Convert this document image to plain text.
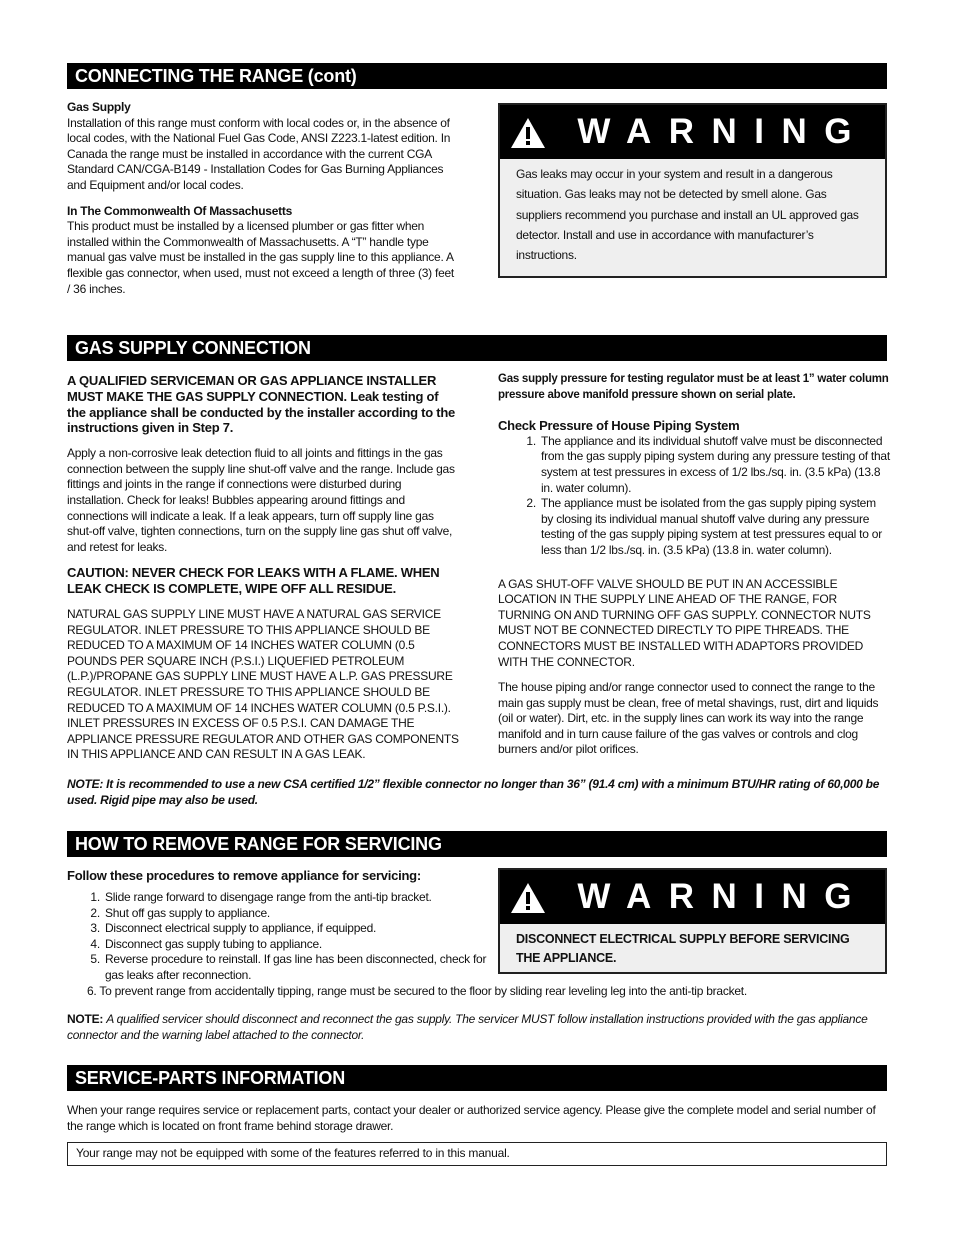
CONNECTING THE RANGE (cont)
Gas Supply
Installation of this range must conform with local codes or, in the absence of local codes, with the National Fuel Gas Code, ANSI Z223.1-latest edition. In Canada the range must be installed in accordance with the current CGA Standard CAN/CGA-B149 - Installation Codes for Gas Burning Appliances and Equipment and/or local codes.
In The Commonwealth Of Massachusetts
This product must be installed by a licensed plumber or gas fitter when installed within the Commonwealth of Massachusetts. A “T” handle type manual gas valve must be installed in the gas supply line to this appliance. A flexible gas connector, when used, must not exceed a length of three (3) feet / 36 inches.
WARNING
Gas leaks may occur in your system and result in a dangerous situation. Gas leaks may not be detected by smell alone. Gas suppliers recommend you purchase and install an UL approved gas detector. Install and use in accordance with manufacturer’s instructions.
GAS SUPPLY CONNECTION
A QUALIFIED SERVICEMAN OR GAS APPLIANCE INSTALLER MUST MAKE THE GAS SUPPLY CONNECTION. Leak testing of the appliance shall be conducted by the installer according to the instructions given in Step 7.
Apply a non-corrosive leak detection fluid to all joints and fittings in the gas connection between the supply line shut-off valve and the range. Include gas fittings and joints in the range if connections were disturbed during installation. Check for leaks! Bubbles appearing around fittings and connections will indicate a leak. If a leak appears, turn off supply line gas shut-off valve, tighten connections, turn on the supply line gas shut off valve, and retest for leaks.
CAUTION: NEVER CHECK FOR LEAKS WITH A FLAME. WHEN LEAK CHECK IS COMPLETE, WIPE OFF ALL RESIDUE.
NATURAL GAS SUPPLY LINE MUST HAVE A NATURAL GAS SERVICE REGULATOR. INLET PRESSURE TO THIS APPLIANCE SHOULD BE REDUCED TO A MAXIMUM OF 14 INCHES WATER COLUMN (0.5 POUNDS PER SQUARE INCH (P.S.I.) LIQUEFIED PETROLEUM (L.P.)/PROPANE GAS SUPPLY LINE MUST HAVE A L.P. GAS PRESSURE REGULATOR. INLET PRESSURE TO THIS APPLIANCE SHOULD BE REDUCED TO A MAXIMUM OF 14 INCHES WATER COLUMN (0.5 P.S.I.). INLET PRESSURES IN EXCESS OF 0.5 P.S.I. CAN DAMAGE THE APPLIANCE PRESSURE REGULATOR AND OTHER GAS COMPONENTS IN THIS APPLIANCE AND CAN RESULT IN A GAS LEAK.
Gas supply pressure for testing regulator must be at least 1” water column pressure above manifold pressure shown on serial plate.
Check Pressure of House Piping System
1. The appliance and its individual shutoff valve must be disconnected from the gas supply piping system during any pressure testing of that system at test pressures in excess of 1/2 lbs./sq. in. (3.5 kPa) (13.8 in. water column).
2. The appliance must be isolated from the gas supply piping system by closing its individual manual shutoff valve during any pressure testing of the gas supply piping system at test pressures equal to or less than 1/2 lbs./sq. in. (3.5 kPa) (13.8 in. water column).
A GAS SHUT-OFF VALVE SHOULD BE PUT IN AN ACCESSIBLE LOCATION IN THE SUPPLY LINE AHEAD OF THE RANGE, FOR TURNING ON AND TURNING OFF GAS SUPPLY. CONNECTOR NUTS MUST NOT BE CONNECTED DIRECTLY TO PIPE THREADS. THE CONNECTORS MUST BE INSTALLED WITH ADAPTORS PROVIDED WITH THE CONNECTOR.
The house piping and/or range connector used to connect the range to the main gas supply must be clean, free of metal shavings, rust, dirt and liquids (oil or water). Dirt, etc. in the supply lines can work its way into the range manifold and in turn cause failure of the gas valves or controls and clog burners and/or pilot orifices.
NOTE: It is recommended to use a new CSA certified 1/2” flexible connector no longer than 36” (91.4 cm) with a minimum BTU/HR rating of 60,000 be used. Rigid pipe may also be used.
HOW TO REMOVE RANGE FOR SERVICING
Follow these procedures to remove appliance for servicing:
1. Slide range forward to disengage range from the anti-tip bracket.
2. Shut off gas supply to appliance.
3. Disconnect electrical supply to appliance, if equipped.
4. Disconnect gas supply tubing to appliance.
5. Reverse procedure to reinstall. If gas line has been disconnected, check for gas leaks after reconnection.
6. To prevent range from accidentally tipping, range must be secured to the floor by sliding rear leveling leg into the anti-tip bracket.
WARNING
DISCONNECT ELECTRICAL SUPPLY BEFORE SERVICING THE APPLIANCE.
NOTE: A qualified servicer should disconnect and reconnect the gas supply. The servicer MUST follow installation instructions provided with the gas appliance connector and the warning label attached to the connector.
SERVICE-PARTS INFORMATION
When your range requires service or replacement parts, contact your dealer or authorized service agency. Please give the complete model and serial number of the range which is located on front frame behind storage drawer.
Your range may not be equipped with some of the features referred to in this manual.
